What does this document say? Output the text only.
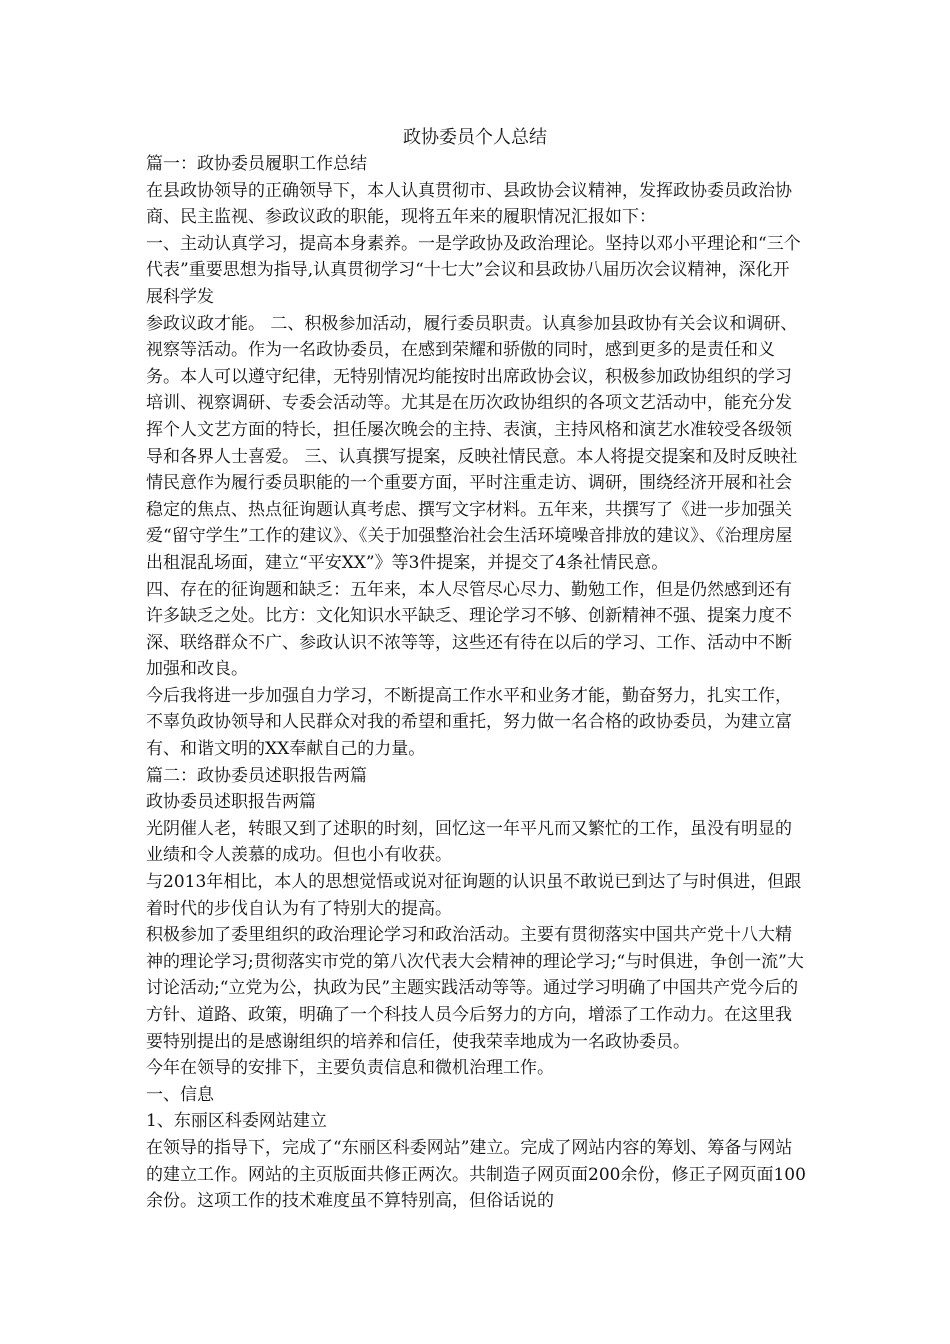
政协委员个人总结

篇一：政协委员履职工作总结

在县政协领导的正确领导下，本人认真贯彻市、县政协会议精神，发挥政协委员政治协商、民主监视、参政议政的职能，现将五年来的履职情况汇报如下：

一、主动认真学习，提高本身素养。一是学政协及政治理论。坚持以邓小平理论和“三个代表”重要思想为指导,认真贯彻学习“十七大”会议和县政协八届历次会议精神，深化开展科学发

参政议政才能。 二、积极参加活动，履行委员职责。认真参加县政协有关会议和调研、视察等活动。作为一名政协委员，在感到荣耀和骄傲的同时，感到更多的是责任和义务。本人可以遵守纪律，无特别情况均能按时出席政协会议，积极参加政协组织的学习培训、视察调研、专委会活动等。尤其是在历次政协组织的各项文艺活动中，能充分发挥个人文艺方面的特长，担任屡次晚会的主持、表演，主持风格和演艺水准较受各级领导和各界人士喜爱。 三、认真撰写提案，反映社情民意。本人将提交提案和及时反映社情民意作为履行委员职能的一个重要方面，平时注重走访、调研，围绕经济开展和社会稳定的焦点、热点征询题认真考虑、撰写文字材料。五年来，共撰写了《进一步加强关爱“留守学生”工作的建议》、《关于加强整治社会生活环境噪音排放的建议》、《治理房屋出租混乱场面，建立“平安XX”》等3件提案，并提交了4条社情民意。

四、存在的征询题和缺乏：五年来，本人尽管尽心尽力、勤勉工作，但是仍然感到还有许多缺乏之处。比方：文化知识水平缺乏、理论学习不够、创新精神不强、提案力度不深、联络群众不广、参政认识不浓等等，这些还有待在以后的学习、工作、活动中不断加强和改良。

今后我将进一步加强自力学习，不断提高工作水平和业务才能，勤奋努力，扎实工作，不辜负政协领导和人民群众对我的希望和重托，努力做一名合格的政协委员，为建立富有、和谐文明的XX奉献自己的力量。

篇二：政协委员述职报告两篇

政协委员述职报告两篇

光阴催人老，转眼又到了述职的时刻，回忆这一年平凡而又繁忙的工作，虽没有明显的业绩和令人羡慕的成功。但也小有收获。

与2013年相比，本人的思想觉悟或说对征询题的认识虽不敢说已到达了与时俱进，但跟着时代的步伐自认为有了特别大的提高。

积极参加了委里组织的政治理论学习和政治活动。主要有贯彻落实中国共产党十八大精神的理论学习;贯彻落实市党的第八次代表大会精神的理论学习;“与时俱进，争创一流”大讨论活动;“立党为公，执政为民”主题实践活动等等。通过学习明确了中国共产党今后的方针、道路、政策，明确了一个科技人员今后努力的方向，增添了工作动力。在这里我要特别提出的是感谢组织的培养和信任，使我荣幸地成为一名政协委员。

今年在领导的安排下，主要负责信息和微机治理工作。

一、信息

1、东丽区科委网站建立

在领导的指导下，完成了“东丽区科委网站”建立。完成了网站内容的筹划、筹备与网站的建立工作。网站的主页版面共修正两次。共制造子网页面200余份，修正子网页面100余份。这项工作的技术难度虽不算特别高，但俗话说的
